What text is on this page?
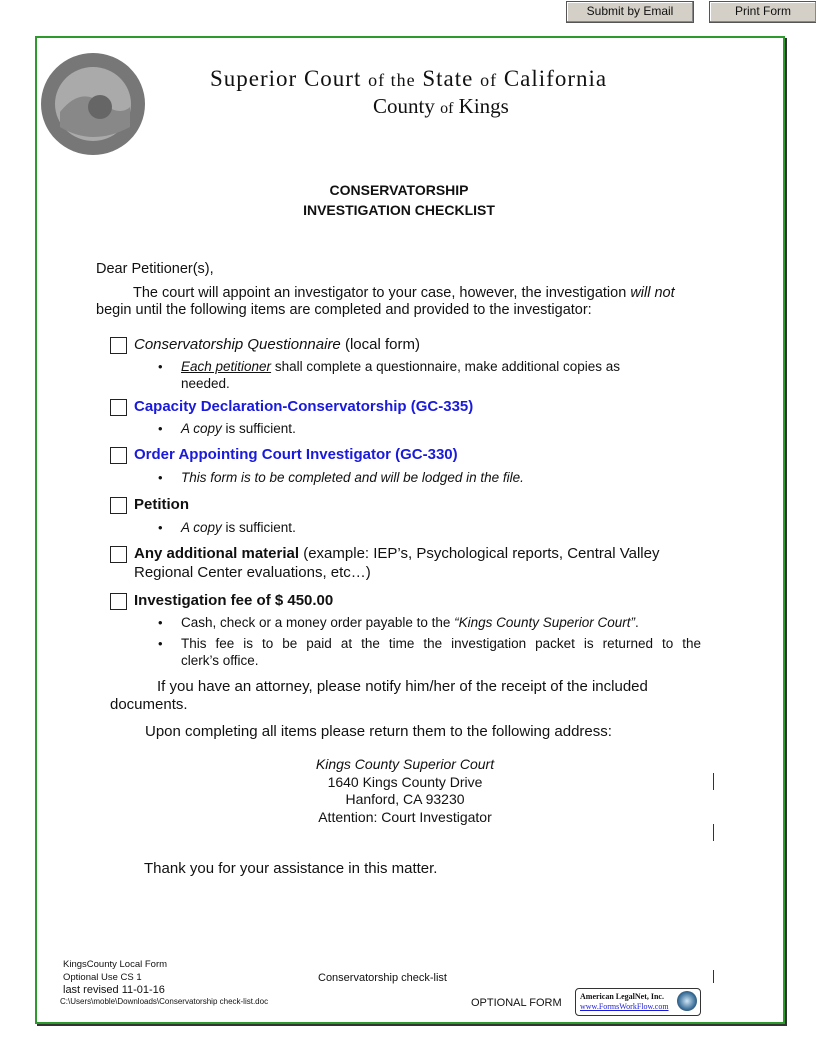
Submit by Email	Print Form
Superior Court of the State of California
County of Kings
CONSERVATORSHIP
INVESTIGATION CHECKLIST
Dear Petitioner(s),
The court will appoint an investigator to your case, however, the investigation will not
begin until the following items are completed and provided to the investigator:
Conservatorship Questionnaire (local form)
• Each petitioner shall complete a questionnaire, make additional copies as
needed.
Capacity Declaration-Conservatorship (GC-335)
• A copy is sufficient.
Order Appointing Court Investigator (GC-330)
• This form is to be completed and will be lodged in the file.
Petition
• A copy is sufficient.
Any additional material (example: IEP’s, Psychological reports, Central Valley
Regional Center evaluations, etc…)
Investigation fee of $ 450.00
• Cash, check or a money order payable to the “Kings County Superior Court”.
• This fee is to be paid at the time the investigation packet is returned to the
clerk’s office.
If you have an attorney, please notify him/her of the receipt of the included
documents.
Upon completing all items please return them to the following address:
Kings County Superior Court
1640 Kings County Drive
Hanford, CA 93230
Attention: Court Investigator
Thank you for your assistance in this matter.
KingsCounty Local Form
Optional Use CS 1
last revised 11-01-16
C:\Users\moble\Downloads\Conservatorship check-list.doc
Conservatorship check-list
OPTIONAL FORM
American LegalNet, Inc.
www.FormsWorkFlow.com
